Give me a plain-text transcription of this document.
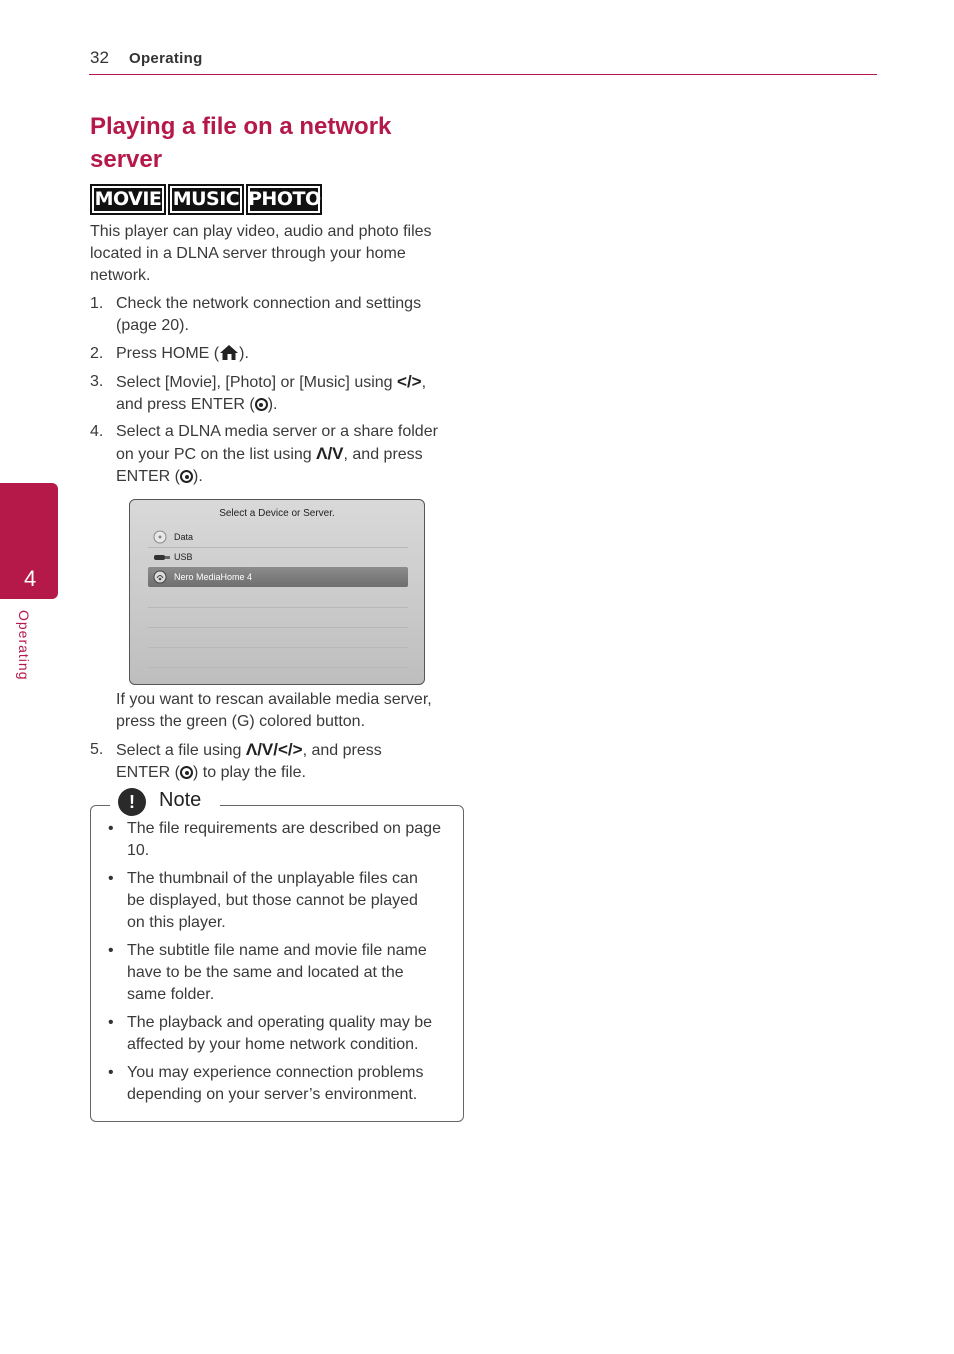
32 Operating
4
Operating
Playing a file on a network server
MOVIE MUSIC PHOTO
This player can play video, audio and photo files located in a DLNA server through your home network.
1. Check the network connection and settings (page 20).
2. Press HOME ( ).
3. Select [Movie], [Photo] or [Music] using </>,
and press ENTER ( ).
4. Select a DLNA media server or a share folder on your PC on the list using Λ/V, and press ENTER ( ).
Select a Device or Server.
Data
USB
Nero MediaHome 4
If you want to rescan available media server, press the green (G) colored button.
5. Select a file using Λ/V/</>, and press
ENTER ( ) to play the file.
!	Note
• The file requirements are described on page 10.
• The thumbnail of the unplayable files can be displayed, but those cannot be played on this player.
• The subtitle file name and movie file name have to be the same and located at the same folder.
• The playback and operating quality may be affected by your home network condition.
• You may experience connection problems depending on your server’s environment.
